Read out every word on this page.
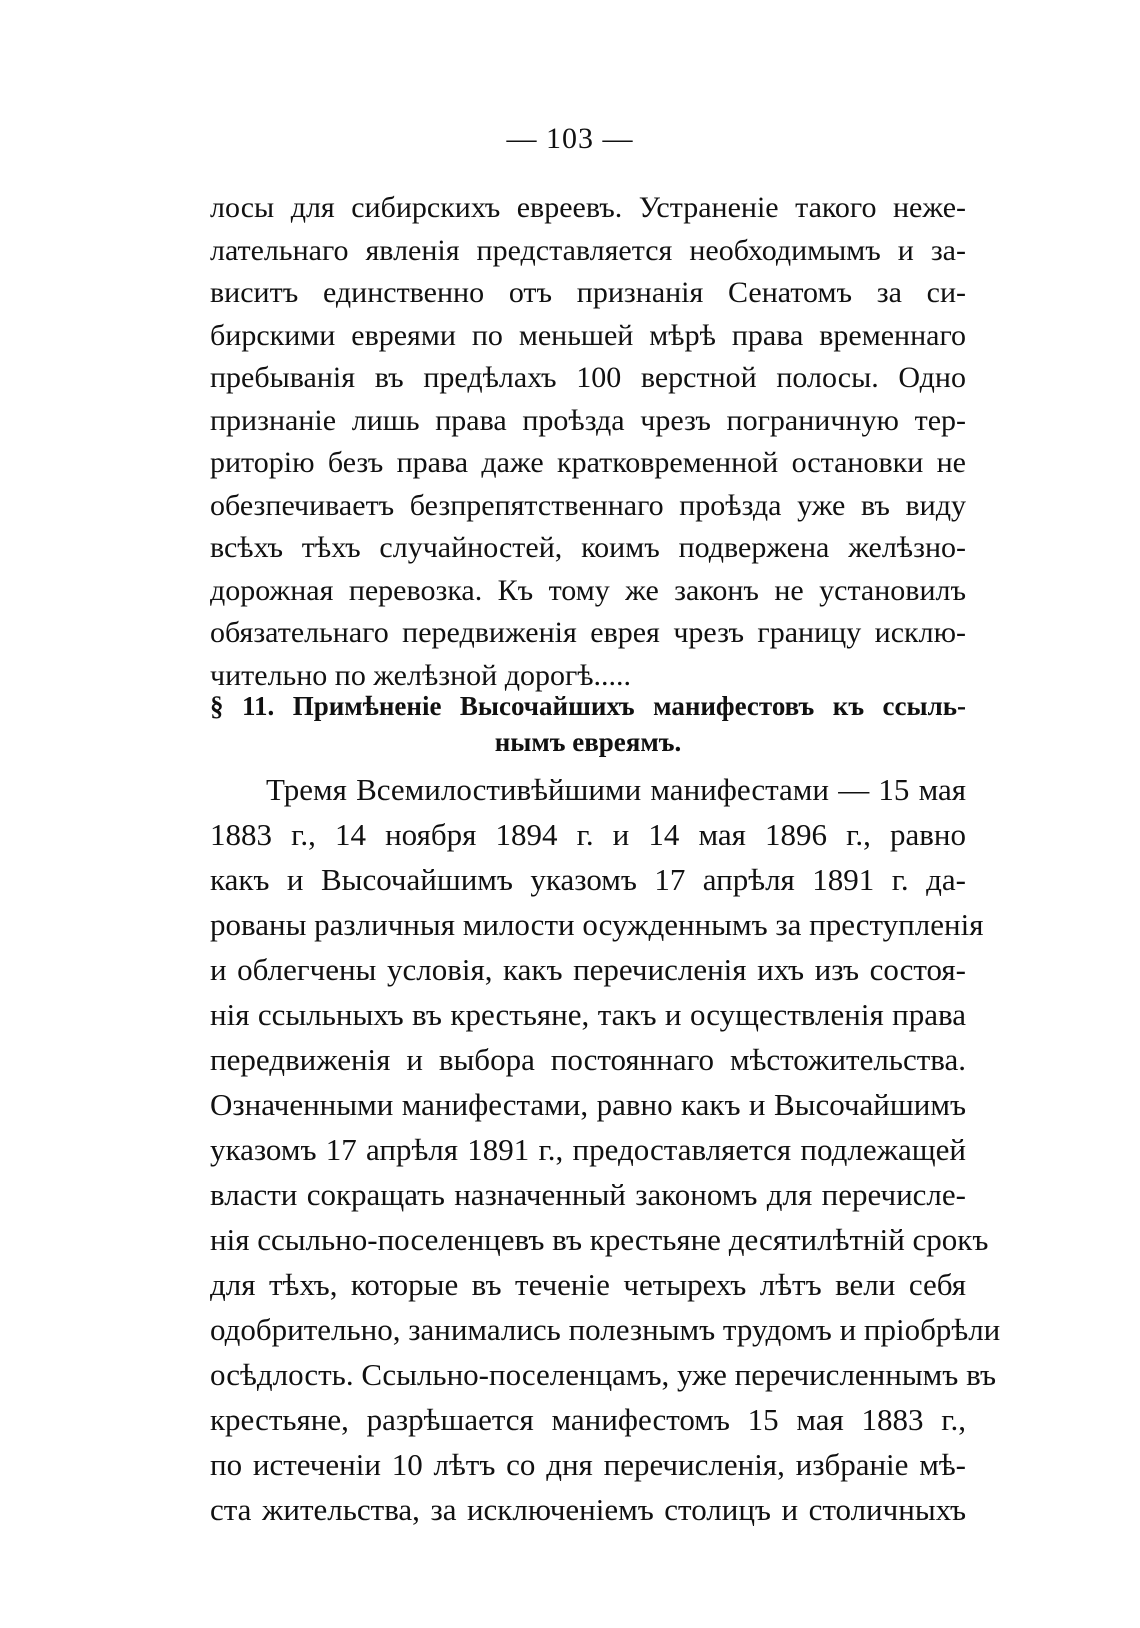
— 103 —
лосы для сибирскихъ евреевъ. Устраненіе такого неже-
лательнаго явленія представляется необходимымъ и за-
виситъ единственно отъ признанія Сенатомъ за си-
бирскими евреями по меньшей мѣрѣ права временнаго
пребыванія въ предѣлахъ 100 верстной полосы. Одно
признаніе лишь права проѣзда чрезъ пограничную тер-
риторію безъ права даже кратковременной остановки не
обезпечиваетъ безпрепятственнаго проѣзда уже въ виду
всѣхъ тѣхъ случайностей, коимъ подвержена желѣзно-
дорожная перевозка. Къ тому же законъ не установилъ
обязательнаго передвиженія еврея чрезъ границу исклю-
чительно по желѣзной дорогѣ.....
§ 11. Примѣненіе Высочайшихъ манифестовъ къ ссыль-
нымъ евреямъ.
Тремя Всемилостивѣйшими манифестами — 15 мая
1883 г., 14 ноября 1894 г. и 14 мая 1896 г., равно
какъ и Высочайшимъ указомъ 17 апрѣля 1891 г. да-
рованы различныя милости осужденнымъ за преступленія
и облегчены условія, какъ перечисленія ихъ изъ состоя-
нія ссыльныхъ въ крестьяне, такъ и осуществленія права
передвиженія и выбора постояннаго мѣстожительства.
Означенными манифестами, равно какъ и Высочайшимъ
указомъ 17 апрѣля 1891 г., предоставляется подлежащей
власти сокращать назначенный закономъ для перечисле-
нія ссыльно-поселенцевъ въ крестьяне десятилѣтній срокъ
для тѣхъ, которые въ теченіе четырехъ лѣтъ вели себя
одобрительно, занимались полезнымъ трудомъ и пріобрѣли
осѣдлость. Ссыльно-поселенцамъ, уже перечисленнымъ въ
крестьяне, разрѣшается манифестомъ 15 мая 1883 г.,
по истеченіи 10 лѣтъ со дня перечисленія, избраніе мѣ-
ста жительства, за исключеніемъ столицъ и столичныхъ
